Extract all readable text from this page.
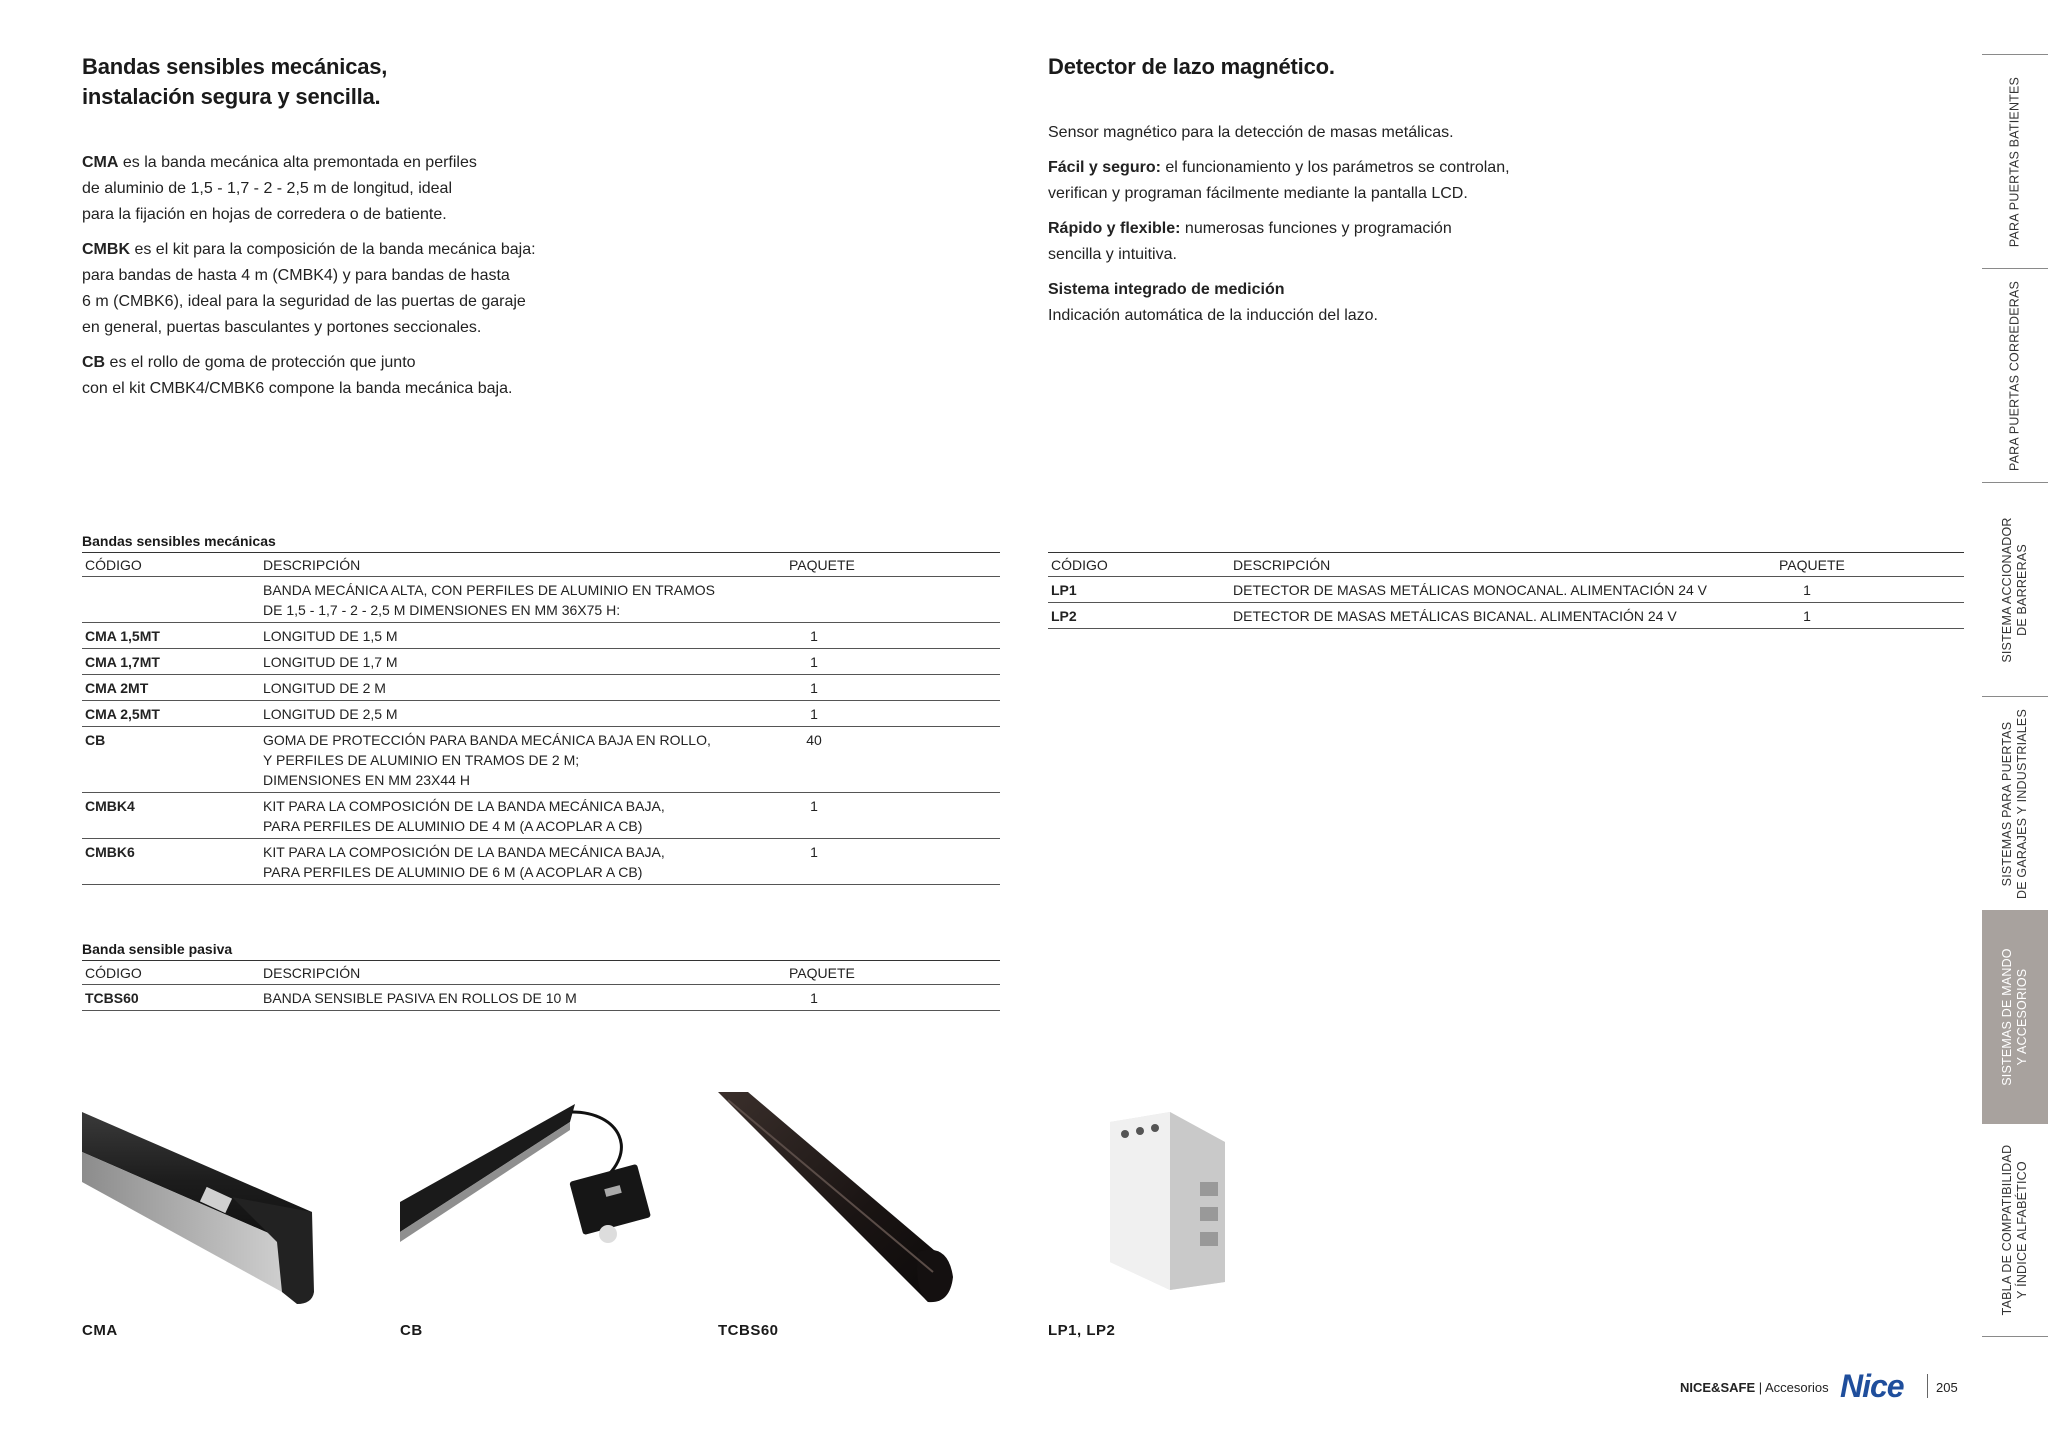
Bandas sensibles mecánicas,
instalación segura y sencilla.

CMA es la banda mecánica alta premontada en perfiles
de aluminio de 1,5 - 1,7 - 2 - 2,5 m de longitud, ideal
para la fijación en hojas de corredera o de batiente.

CMBK es el kit para la composición de la banda mecánica baja:
para bandas de hasta 4 m (CMBK4) y para bandas de hasta
6 m (CMBK6), ideal para la seguridad de las puertas de garaje
en general, puertas basculantes y portones seccionales.

CB es el rollo de goma de protección que junto
con el kit CMBK4/CMBK6 compone la banda mecánica baja.

Detector de lazo magnético.

Sensor magnético para la detección de masas metálicas.

Fácil y seguro: el funcionamiento y los parámetros se controlan,
verifican y programan fácilmente mediante la pantalla LCD.

Rápido y flexible: numerosas funciones y programación
sencilla y intuitiva.

Sistema integrado de medición
Indicación automática de la inducción del lazo.

Bandas sensibles mecánicas
CÓDIGO	DESCRIPCIÓN	PAQUETE

	BANDA MECÁNICA ALTA, CON PERFILES DE ALUMINIO EN TRAMOS
DE 1,5 - 1,7 - 2 - 2,5 M DIMENSIONES EN MM 36X75 H:	

CMA 1,5MT	LONGITUD DE 1,5 M	1
CMA 1,7MT	LONGITUD DE 1,7 M	1
CMA 2MT	LONGITUD DE 2 M	1
CMA 2,5MT	LONGITUD DE 2,5 M	1
CB	GOMA DE PROTECCIÓN PARA BANDA MECÁNICA BAJA EN ROLLO,
Y PERFILES DE ALUMINIO EN TRAMOS DE 2 M;
DIMENSIONES EN MM 23X44 H	40
CMBK4	KIT PARA LA COMPOSICIÓN DE LA BANDA MECÁNICA BAJA,
PARA PERFILES DE ALUMINIO DE 4 M (A ACOPLAR A CB)	1
CMBK6	KIT PARA LA COMPOSICIÓN DE LA BANDA MECÁNICA BAJA,
PARA PERFILES DE ALUMINIO DE 6 M (A ACOPLAR A CB)	1
Banda sensible pasiva
CÓDIGO	DESCRIPCIÓN	PAQUETE
TCBS60	BANDA SENSIBLE PASIVA EN ROLLOS DE 10 M	1
CÓDIGO	DESCRIPCIÓN	PAQUETE
LP1	DETECTOR DE MASAS METÁLICAS MONOCANAL. ALIMENTACIÓN 24 V	1
LP2	DETECTOR DE MASAS METÁLICAS BICANAL. ALIMENTACIÓN 24 V	1
CMA	CB	TCBS60	LP1, LP2
PARA PUERTAS BATIENTES
PARA PUERTAS CORREDERAS
SISTEMA ACCIONADOR DE BARRERAS
SISTEMAS PARA PUERTAS DE GARAJES Y INDUSTRIALES
SISTEMAS DE MANDO Y ACCESORIOS
TABLA DE COMPATIBILIDAD Y ÍNDICE ALFABÉTICO
NICE&SAFE | Accesorios Nice 205
